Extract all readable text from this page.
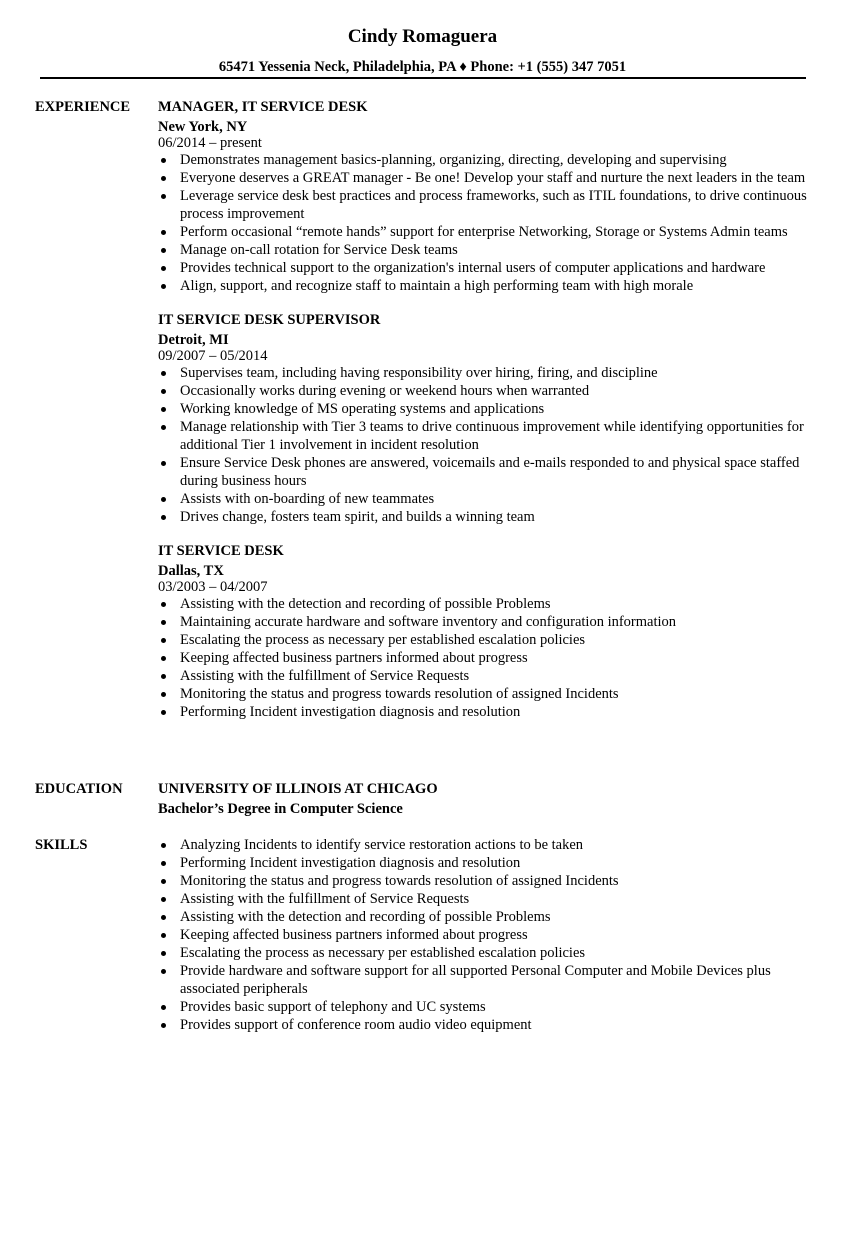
Cindy Romaguera
65471 Yessenia Neck, Philadelphia, PA ♦ Phone: +1 (555) 347 7051
EXPERIENCE MANAGER, IT SERVICE DESK
New York, NY
06/2014 – present
Demonstrates management basics-planning, organizing, directing, developing and supervising
Everyone deserves a GREAT manager - Be one! Develop your staff and nurture the next leaders in the team
Leverage service desk best practices and process frameworks, such as ITIL foundations, to drive continuous process improvement
Perform occasional “remote hands” support for enterprise Networking, Storage or Systems Admin teams
Manage on-call rotation for Service Desk teams
Provides technical support to the organization's internal users of computer applications and hardware
Align, support, and recognize staff to maintain a high performing team with high morale
IT SERVICE DESK SUPERVISOR
Detroit, MI
09/2007 – 05/2014
Supervises team, including having responsibility over hiring, firing, and discipline
Occasionally works during evening or weekend hours when warranted
Working knowledge of MS operating systems and applications
Manage relationship with Tier 3 teams to drive continuous improvement while identifying opportunities for additional Tier 1 involvement in incident resolution
Ensure Service Desk phones are answered, voicemails and e-mails responded to and physical space staffed during business hours
Assists with on-boarding of new teammates
Drives change, fosters team spirit, and builds a winning team
IT SERVICE DESK
Dallas, TX
03/2003 – 04/2007
Assisting with the detection and recording of possible Problems
Maintaining accurate hardware and software inventory and configuration information
Escalating the process as necessary per established escalation policies
Keeping affected business partners informed about progress
Assisting with the fulfillment of Service Requests
Monitoring the status and progress towards resolution of assigned Incidents
Performing Incident investigation diagnosis and resolution
EDUCATION UNIVERSITY OF ILLINOIS AT CHICAGO
Bachelor’s Degree in Computer Science
SKILLS	Analyzing Incidents to identify service restoration actions to be taken
Performing Incident investigation diagnosis and resolution
Monitoring the status and progress towards resolution of assigned Incidents
Assisting with the fulfillment of Service Requests
Assisting with the detection and recording of possible Problems
Keeping affected business partners informed about progress
Escalating the process as necessary per established escalation policies
Provide hardware and software support for all supported Personal Computer and Mobile Devices plus associated peripherals
Provides basic support of telephony and UC systems
Provides support of conference room audio video equipment
